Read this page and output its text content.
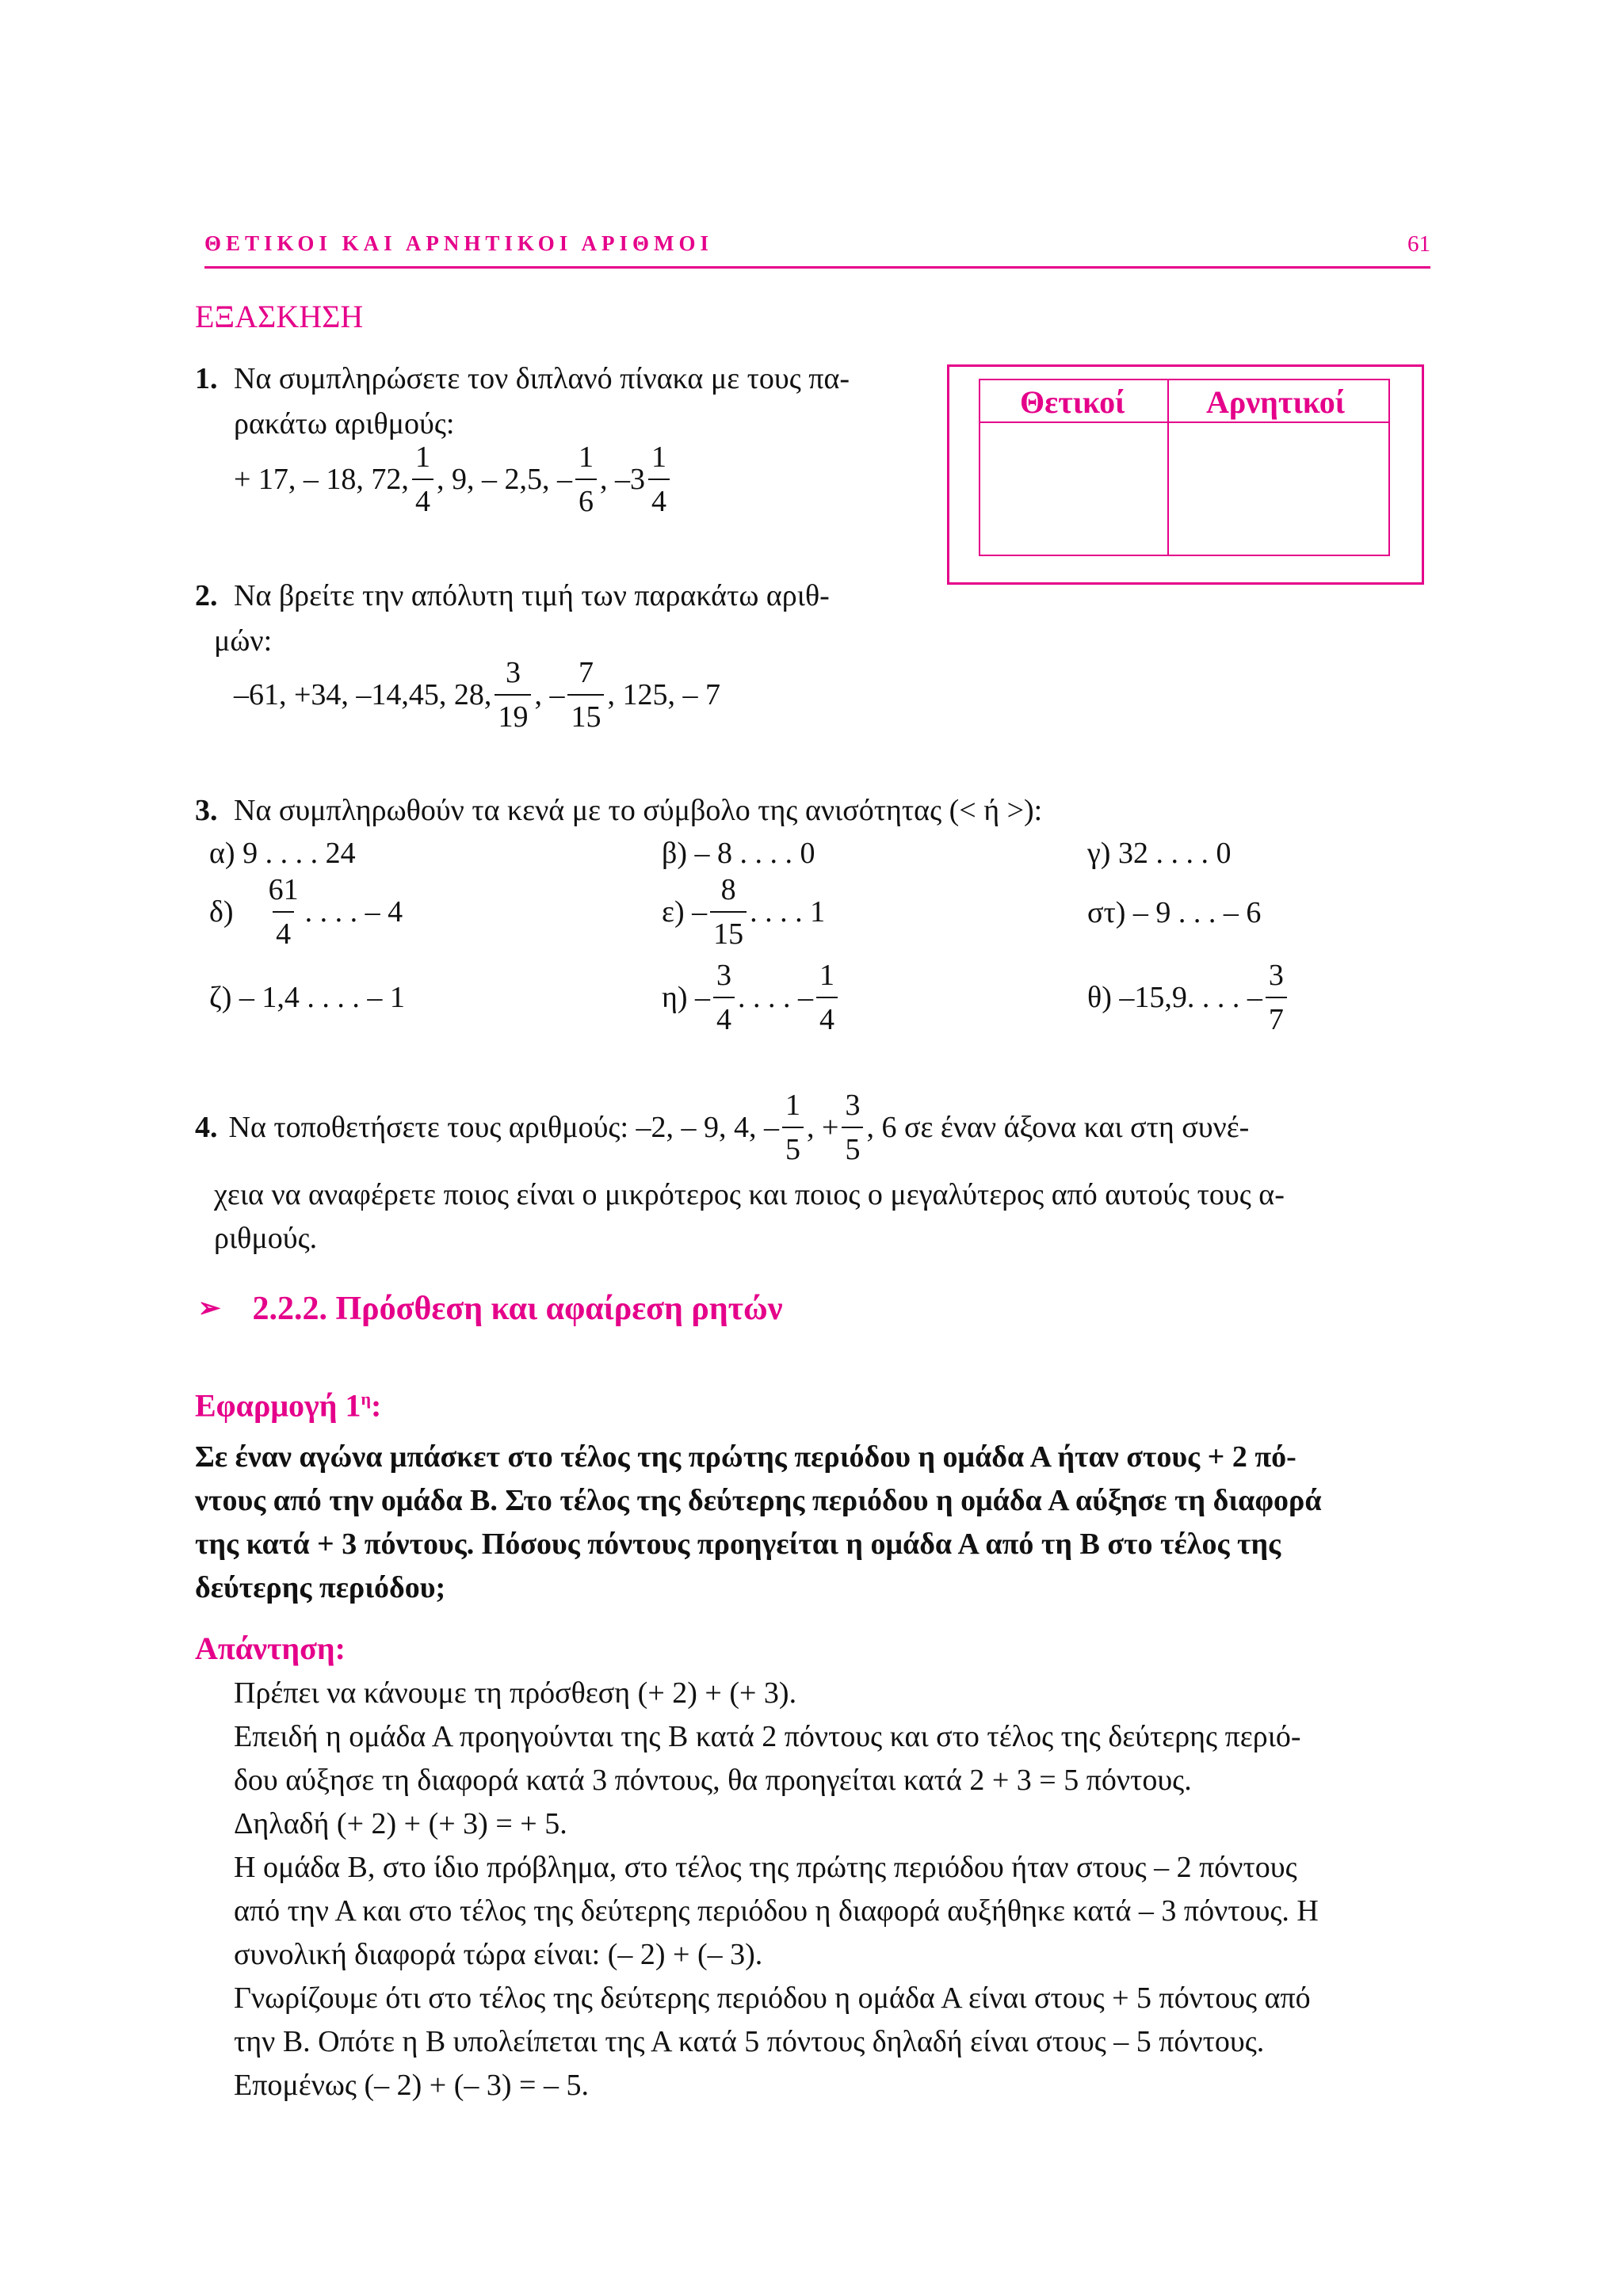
ΘΕΤΙΚΟΙ ΚΑΙ ΑΡΝΗΤΙΚΟΙ ΑΡΙΘΜΟΙ	61
ΕΞΑΣΚΗΣΗ
1. Να συμπληρώσετε τον διπλανό πίνακα με τους πα-
ρακάτω αριθμούς:
+ 17, – 18, 72, $\frac{1}{4}$ , 9, – 2,5, – $\frac{1}{6}$ , $-3 \frac{1}{4}$
Θετικοί	Αρνητικοί
2. Να βρείτε την απόλυτη τιμή των παρακάτω αριθ-
μών:
–61, +34, –14,45, 28, $\frac{3}{19}$ , – $\frac{7}{15}$ , 125, – 7
3. Να συμπληρωθούν τα κενά με το σύμβολο της ανισότητας (< ή >):
α) 9 . . . . 24	β) – 8 . . . . 0	γ) 32 . . . . 0
$\delta) \frac{61}{4}$ . . . . – 4	$\varepsilon) - \frac{8}{15}$ . . . . 1	στ) – 9 . . . – 6
ζ) – 1,4 . . . . – 1	$\eta) - \frac{3}{4}$ . . . . – $\frac{1}{4}$	θ) –15,9. . . . – $\frac{3}{7}$
4. Να τοποθετήσετε τους αριθμούς: –2, – 9, 4, – $\frac{1}{5}$ , + $\frac{3}{5}$ , 6 σε έναν άξονα και στη συνέ-
χεια να αναφέρετε ποιος είναι ο μικρότερος και ποιος ο μεγαλύτερος από αυτούς τους α-
ριθμούς.
➢ 2.2.2. Πρόσθεση και αφαίρεση ρητών
Εφαρμογή $1^\eta$:
Σε έναν αγώνα μπάσκετ στο τέλος της πρώτης περιόδου η ομάδα Α ήταν στους + 2 πό-
ντους από την ομάδα Β. Στο τέλος της δεύτερης περιόδου η ομάδα Α αύξησε τη διαφορά
της κατά + 3 πόντους. Πόσους πόντους προηγείται η ομάδα Α από τη Β στο τέλος της
δεύτερης περιόδου;
Απάντηση:
Πρέπει να κάνουμε τη πρόσθεση (+ 2) + (+ 3).
Επειδή η ομάδα Α προηγούνται της Β κατά 2 πόντους και στο τέλος της δεύτερης περιό-
δου αύξησε τη διαφορά κατά 3 πόντους, θα προηγείται κατά 2 + 3 = 5 πόντους.
Δηλαδή (+ 2) + (+ 3) = + 5.
Η ομάδα Β, στο ίδιο πρόβλημα, στο τέλος της πρώτης περιόδου ήταν στους – 2 πόντους
από την Α και στο τέλος της δεύτερης περιόδου η διαφορά αυξήθηκε κατά – 3 πόντους. Η
συνολική διαφορά τώρα είναι: (– 2) + (– 3).
Γνωρίζουμε ότι στο τέλος της δεύτερης περιόδου η ομάδα Α είναι στους + 5 πόντους από
την Β. Οπότε η Β υπολείπεται της Α κατά 5 πόντους δηλαδή είναι στους – 5 πόντους.
Επομένως (– 2) + (– 3) = – 5.
